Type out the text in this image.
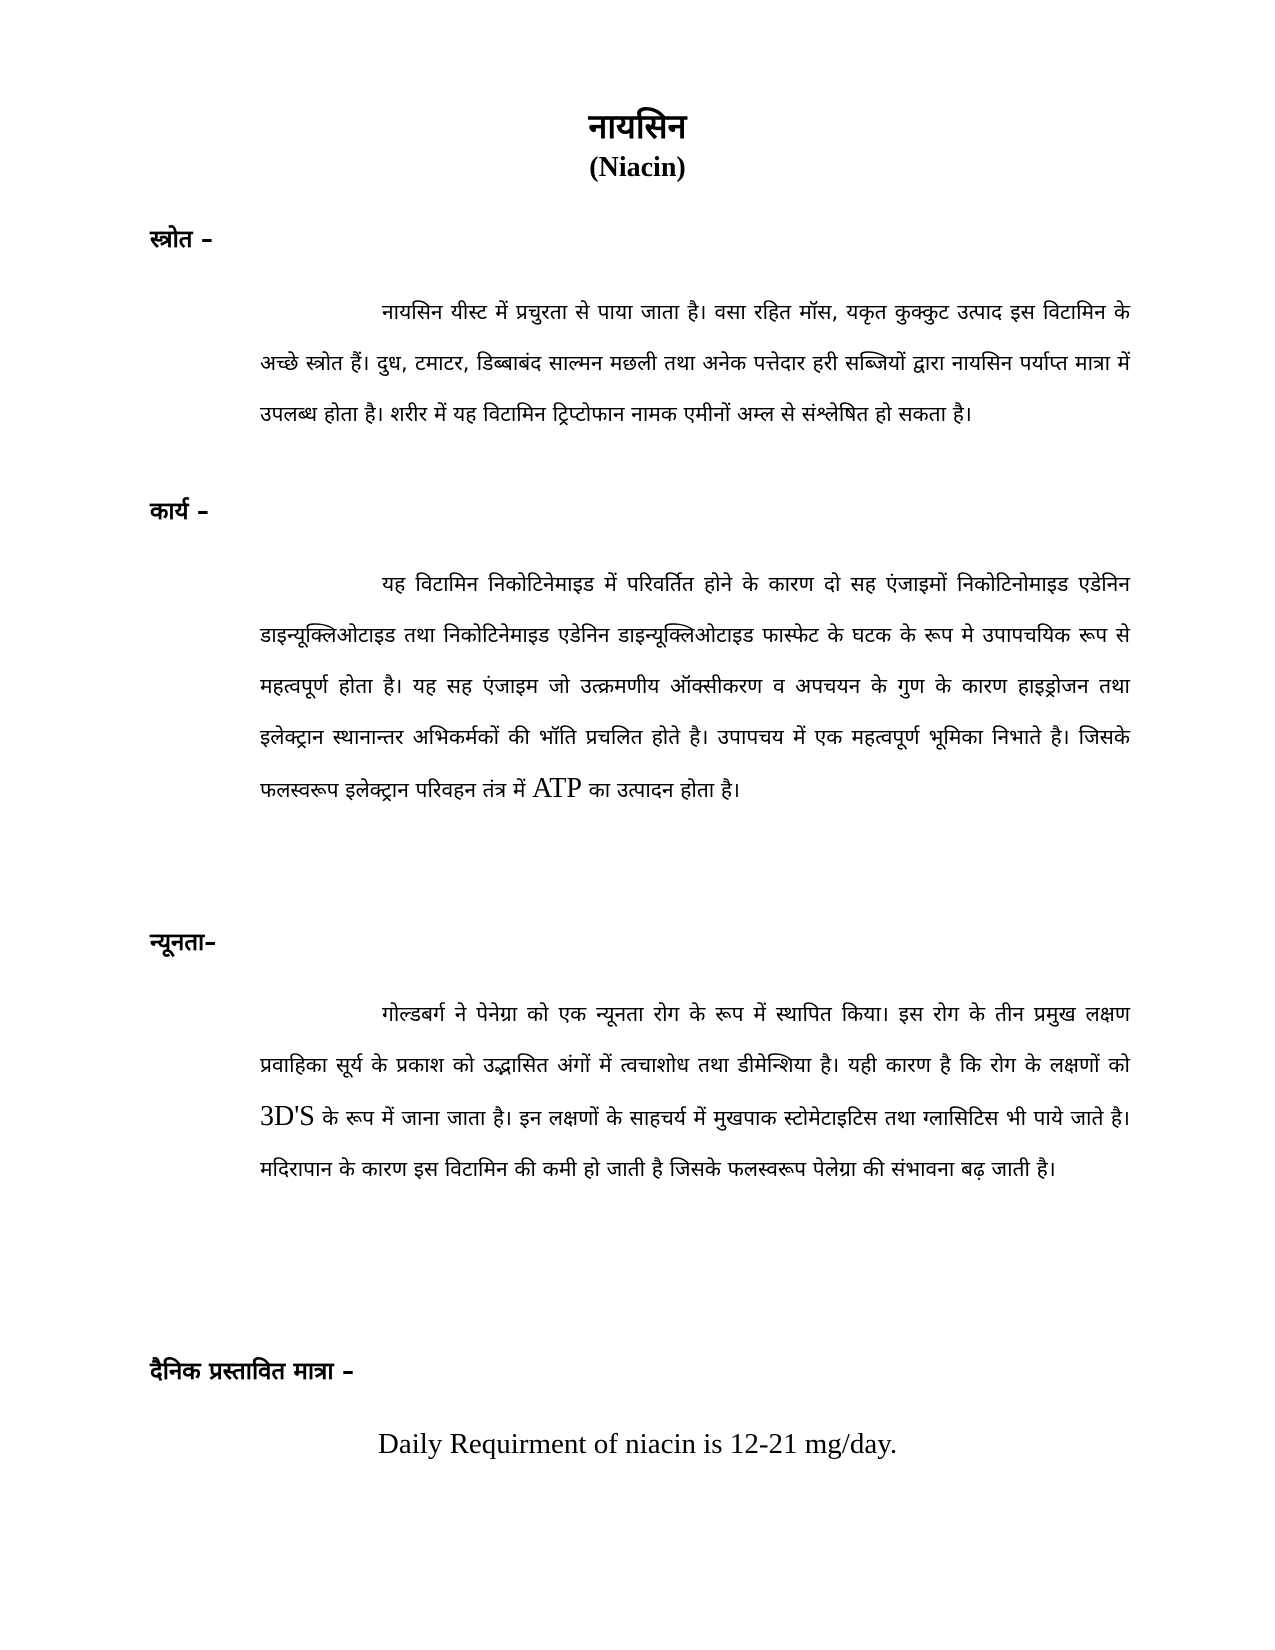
नायसिन
(Niacin)
स्त्रोत –

नायसिन यीस्ट में प्रचुरता से पाया जाता है। वसा रहित मॉस, यकृत कुक्कुट उत्पाद इस विटामिन के अच्छे स्त्रोत हैं। दुध, टमाटर, डिब्बाबंद साल्मन मछली तथा अनेक पत्तेदार हरी सब्जियों द्वारा नायसिन पर्याप्त मात्रा में उपलब्ध होता है। शरीर में यह विटामिन ट्रिप्टोफान नामक एमीनों अम्ल से संश्लेषित हो सकता है।

कार्य –

यह विटामिन निकोटिनेमाइड में परिवर्तित होने के कारण दो सह एंजाइमों निकोटिनोमाइड एडेनिन डाइन्यूक्लिओटाइड तथा निकोटिनेमाइड एडेनिन डाइन्यूक्लिओटाइड फास्फेट के घटक के रूप मे उपापचयिक रूप से महत्वपूर्ण होता है। यह सह एंजाइम जो उत्क्रमणीय ऑक्सीकरण व अपचयन के गुण के कारण हाइड्रोजन तथा इलेक्ट्रान स्थानान्तर अभिकर्मकों की भॉति प्रचलित होते है। उपापचय में एक महत्वपूर्ण भूमिका निभाते है। जिसके फलस्वरूप इलेक्ट्रान परिवहन तंत्र में ATP का उत्पादन होता है।

न्यूनता–

गोल्डबर्ग ने पेनेग्रा को एक न्यूनता रोग के रूप में स्थापित किया। इस रोग के तीन प्रमुख लक्षण प्रवाहिका सूर्य के प्रकाश को उद्भासित अंगों में त्वचाशोध तथा डीमेन्शिया है। यही कारण है कि रोग के लक्षणों को 3D'S के रूप में जाना जाता है। इन लक्षणों के साहचर्य में मुखपाक स्टोमेटाइटिस तथा ग्लासिटिस भी पाये जाते है। मदिरापान के कारण इस विटामिन की कमी हो जाती है जिसके फलस्वरूप पेलेग्रा की संभावना बढ़ जाती है।

दैनिक प्रस्तावित मात्रा –

Daily Requirment of niacin is 12-21 mg/day.
